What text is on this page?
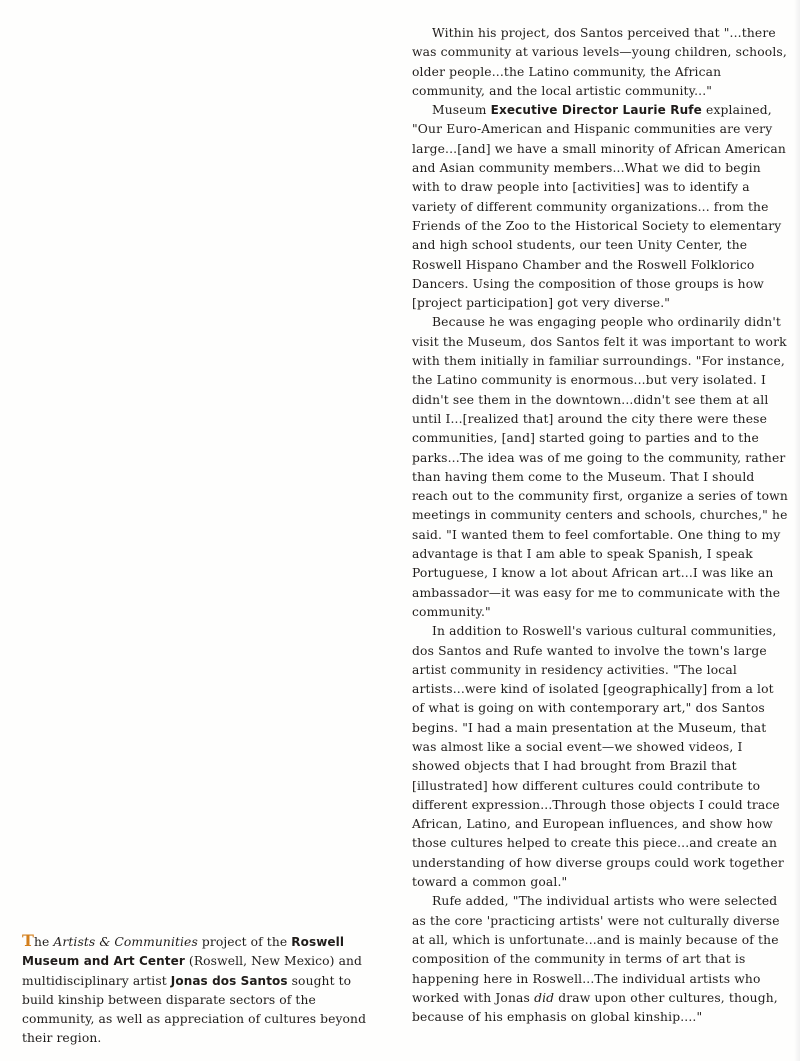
Within his project, dos Santos perceived that "...there was community at various levels—young children, schools, older people...the Latino community, the African community, and the local artistic community..."

Museum Executive Director Laurie Rufe explained, "Our Euro-American and Hispanic communities are very large...[and] we have a small minority of African American and Asian community members...What we did to begin with to draw people into [activities] was to identify a variety of different community organizations... from the Friends of the Zoo to the Historical Society to elementary and high school students, our teen Unity Center, the Roswell Hispano Chamber and the Roswell Folklorico Dancers. Using the composition of those groups is how [project participation] got very diverse."

Because he was engaging people who ordinarily didn't visit the Museum, dos Santos felt it was important to work with them initially in familiar surroundings. "For instance, the Latino community is enormous...but very isolated. I didn't see them in the downtown...didn't see them at all until I...[realized that] around the city there were these communities, [and] started going to parties and to the parks...The idea was of me going to the community, rather than having them come to the Museum. That I should reach out to the community first, organize a series of town meetings in community centers and schools, churches," he said. "I wanted them to feel comfortable. One thing to my advantage is that I am able to speak Spanish, I speak Portuguese, I know a lot about African art...I was like an ambassador—it was easy for me to communicate with the community."

In addition to Roswell's various cultural communities, dos Santos and Rufe wanted to involve the town's large artist community in residency activities. "The local artists...were kind of isolated [geographically] from a lot of what is going on with contemporary art," dos Santos begins. "I had a main presentation at the Museum, that was almost like a social event—we showed videos, I showed objects that I had brought from Brazil that [illustrated] how different cultures could contribute to different expression...Through those objects I could trace African, Latino, and European influences, and show how those cultures helped to create this piece...and create an understanding of how diverse groups could work together toward a common goal."

Rufe added, "The individual artists who were selected as the core 'practicing artists' were not culturally diverse at all, which is unfortunate...and is mainly because of the composition of the community in terms of art that is happening here in Roswell...The individual artists who worked with Jonas did draw upon other cultures, though, because of his emphasis on global kinship...."

The Artists & Communities project of the Roswell Museum and Art Center (Roswell, New Mexico) and multidisciplinary artist Jonas dos Santos sought to build kinship between disparate sectors of the community, as well as appreciation of cultures beyond their region.
